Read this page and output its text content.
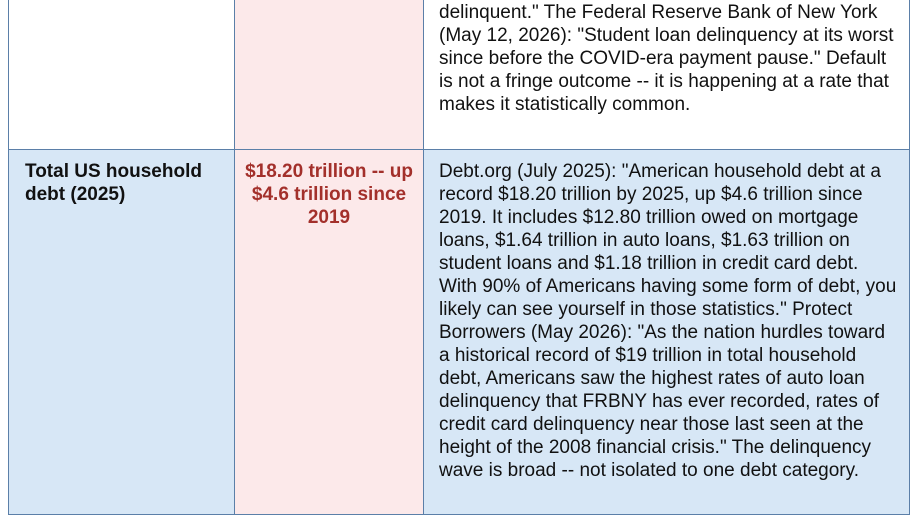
		delinquent." The Federal Reserve Bank of New York (May 12, 2026): "Student loan delinquency at its worst since before the COVID-era payment pause." Default is not a fringe outcome -- it is happening at a rate that makes it statistically common.

Total US household debt (2025)	$18.20 trillion -- up $4.6 trillion since 2019	Debt.org (July 2025): "American household debt at a record $18.20 trillion by 2025, up $4.6 trillion since 2019. It includes $12.80 trillion owed on mortgage loans, $1.64 trillion in auto loans, $1.63 trillion on student loans and $1.18 trillion in credit card debt. With 90% of Americans having some form of debt, you likely can see yourself in those statistics." Protect Borrowers (May 2026): "As the nation hurdles toward a historical record of $19 trillion in total household debt, Americans saw the highest rates of auto loan delinquency that FRBNY has ever recorded, rates of credit card delinquency near those last seen at the height of the 2008 financial crisis." The delinquency wave is broad -- not isolated to one debt category.
